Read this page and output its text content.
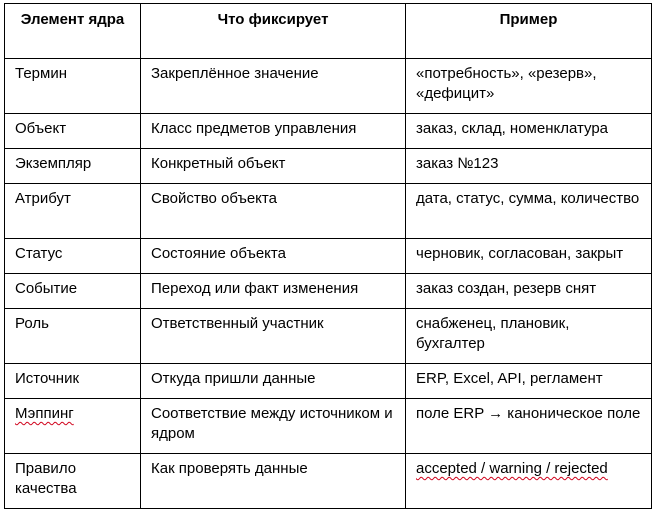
Элемент ядра	Что фиксирует	Пример
Термин	Закреплённое значение	«потребность», «резерв», «дефицит»
Объект	Класс предметов управления	заказ, склад, номенклатура
Экземпляр	Конкретный объект	заказ №123
Атрибут	Свойство объекта	дата, статус, сумма, количество
Статус	Состояние объекта	черновик, согласован, закрыт
Событие	Переход или факт изменения	заказ создан, резерв снят
Роль	Ответственный участник	снабженец, плановик, бухгалтер
Источник	Откуда пришли данные	ERP, Excel, API, регламент
Мэппинг	Соответствие между источником и ядром	поле ERP → каноническое поле
Правило качества	Как проверять данные	accepted / warning / rejected
